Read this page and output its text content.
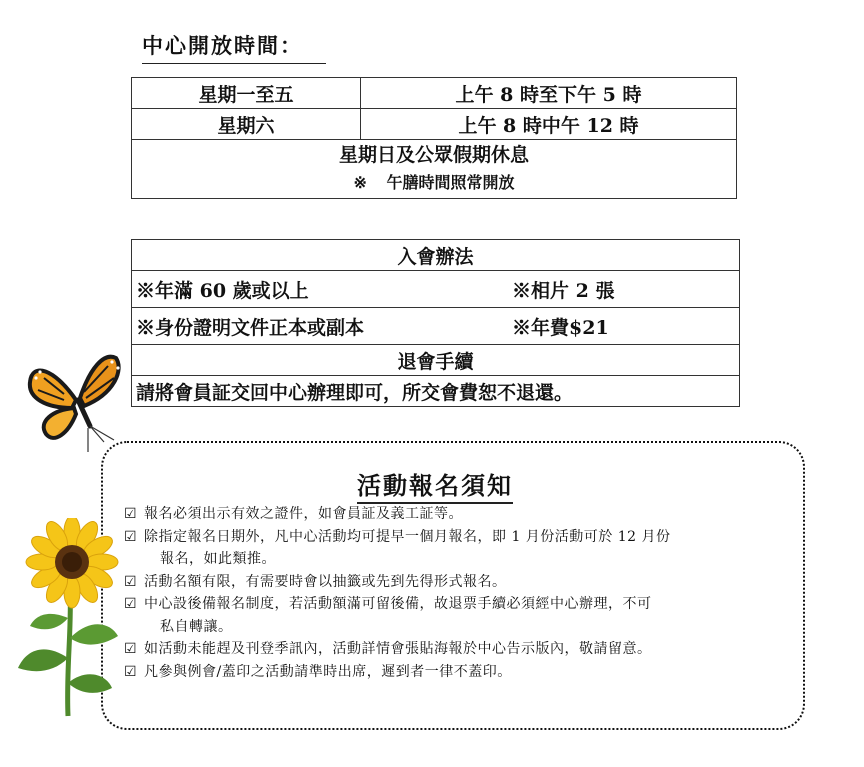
中心開放時間：
星期一至五	上午 8 時至下午 5 時
星期六	上午 8 時中午 12 時

星期日及公眾假期休息
※ 午膳時間照常開放	
入會辦法	
※年滿 60 歲或以上	※相片 2 張
※身份證明文件正本或副本	※年費$21
退會手續	
請將會員証交回中心辦理即可，所交會費恕不退還。	
活動報名須知
☑ 報名必須出示有效之證件，如會員証及義工証等。
☑ 除指定報名日期外，凡中心活動均可提早一個月報名，即 1 月份活動可於 12 月份
報名，如此類推。
☑ 活動名額有限，有需要時會以抽籤或先到先得形式報名。
☑ 中心設後備報名制度，若活動額滿可留後備，故退票手續必須經中心辦理，不可
私自轉讓。
☑ 如活動未能趕及刊登季訊內，活動詳情會張貼海報於中心告示版內，敬請留意。
☑ 凡參與例會/蓋印之活動請準時出席，遲到者一律不蓋印。
